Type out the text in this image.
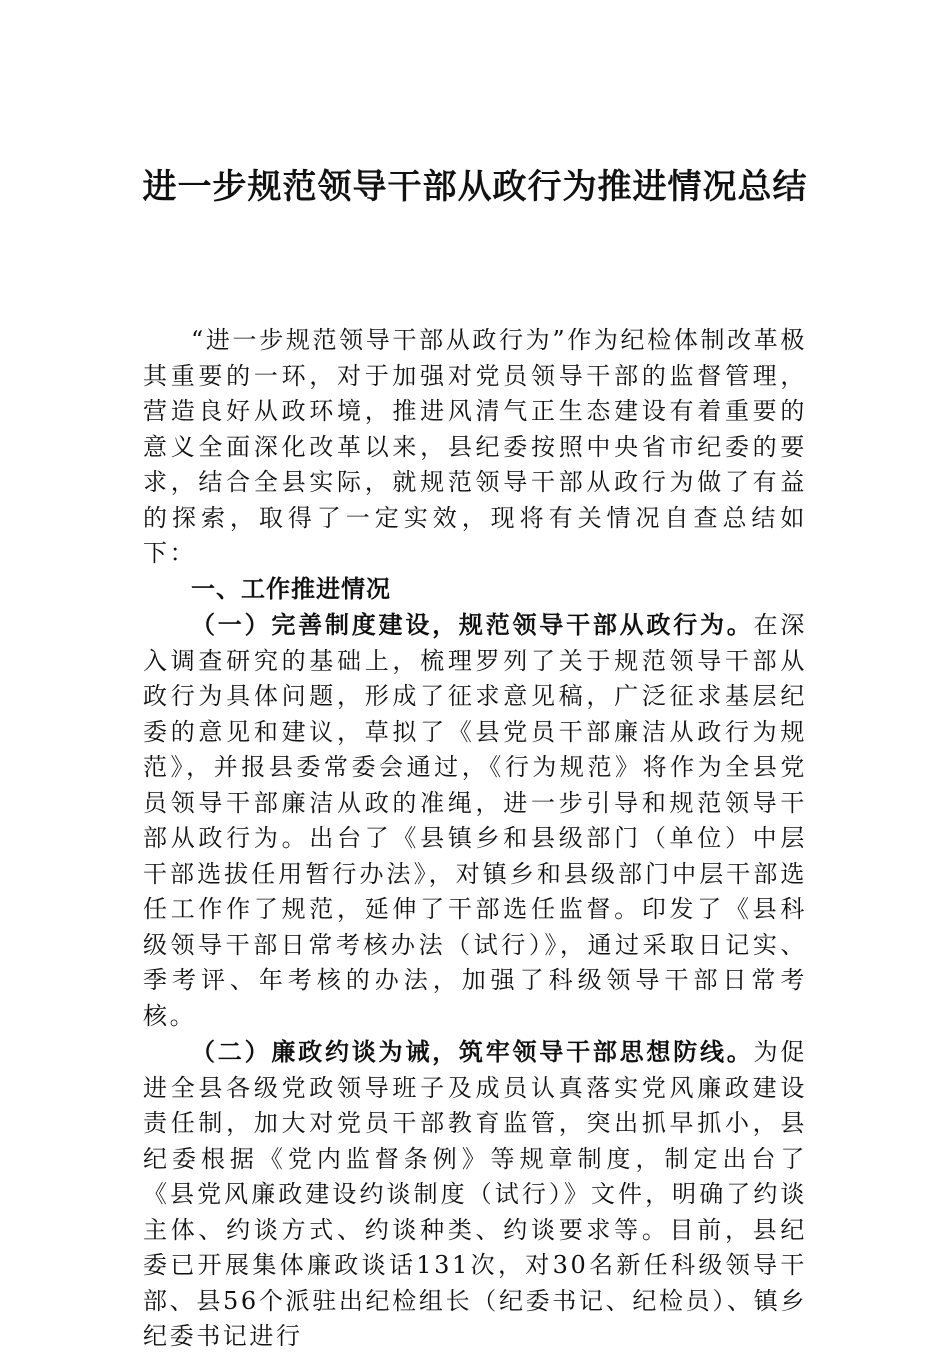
进一步规范领导干部从政行为推进情况总结

“进一步规范领导干部从政行为”作为纪检体制改革极其重要的一环，对于加强对党员领导干部的监督管理，营造良好从政环境，推进风清气正生态建设有着重要的意义全面深化改革以来，县纪委按照中央省市纪委的要求，结合全县实际，就规范领导干部从政行为做了有益的探索，取得了一定实效，现将有关情况自查总结如下：

一、工作推进情况

（一）完善制度建设，规范领导干部从政行为。在深入调查研究的基础上，梳理罗列了关于规范领导干部从政行为具体问题，形成了征求意见稿，广泛征求基层纪委的意见和建议，草拟了《县党员干部廉洁从政行为规范》，并报县委常委会通过，《行为规范》将作为全县党员领导干部廉洁从政的准绳，进一步引导和规范领导干部从政行为。出台了《县镇乡和县级部门（单位）中层干部选拔任用暂行办法》，对镇乡和县级部门中层干部选任工作作了规范，延伸了干部选任监督。印发了《县科级领导干部日常考核办法（试行）》，通过采取日记实、季考评、年考核的办法，加强了科级领导干部日常考核。

（二）廉政约谈为诫，筑牢领导干部思想防线。为促进全县各级党政领导班子及成员认真落实党风廉政建设责任制，加大对党员干部教育监管，突出抓早抓小，县纪委根据《党内监督条例》等规章制度，制定出台了《县党风廉政建设约谈制度（试行）》文件，明确了约谈主体、约谈方式、约谈种类、约谈要求等。目前，县纪委已开展集体廉政谈话131次，对30名新任科级领导干部、县56个派驻出纪检组长（纪委书记、纪检员）、镇乡纪委书记进行
